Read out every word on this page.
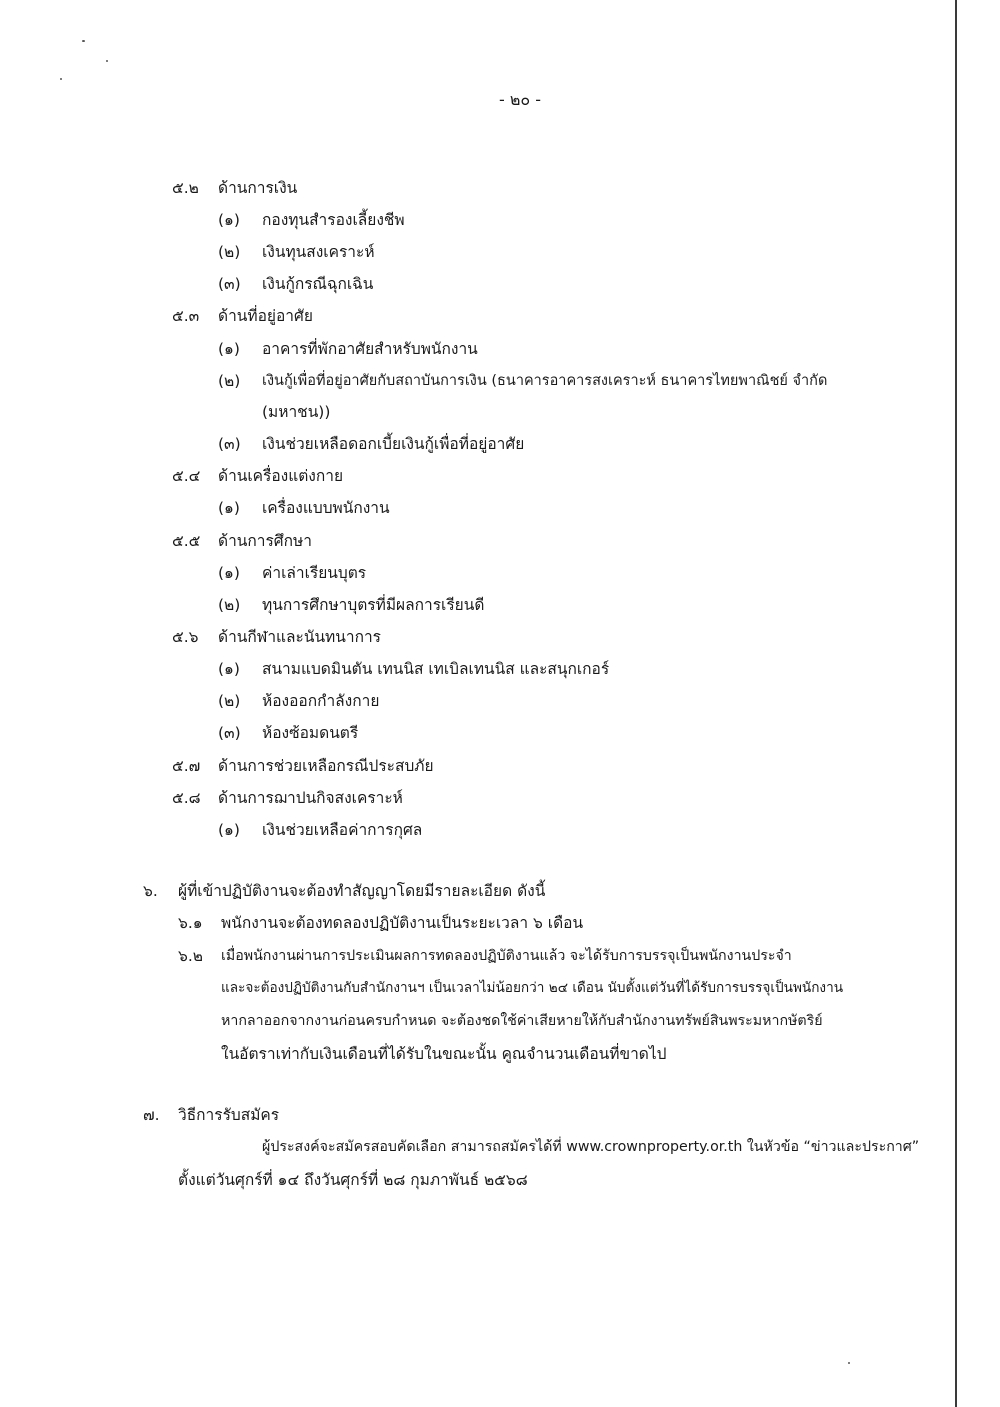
- ๒๐ -
๕.๒ ด้านการเงิน
(๑) กองทุนสำรองเลี้ยงชีพ
(๒) เงินทุนสงเคราะห์
(๓) เงินกู้กรณีฉุกเฉิน
๕.๓ ด้านที่อยู่อาศัย
(๑) อาคารที่พักอาศัยสำหรับพนักงาน
(๒) เงินกู้เพื่อที่อยู่อาศัยกับสถาบันการเงิน (ธนาคารอาคารสงเคราะห์ ธนาคารไทยพาณิชย์ จำกัด
(มหาชน))
(๓) เงินช่วยเหลือดอกเบี้ยเงินกู้เพื่อที่อยู่อาศัย
๕.๔ ด้านเครื่องแต่งกาย
(๑) เครื่องแบบพนักงาน
๕.๕ ด้านการศึกษา
(๑) ค่าเล่าเรียนบุตร
(๒) ทุนการศึกษาบุตรที่มีผลการเรียนดี
๕.๖ ด้านกีฬาและนันทนาการ
(๑) สนามแบดมินตัน เทนนิส เทเบิลเทนนิส และสนุกเกอร์
(๒) ห้องออกกำลังกาย
(๓) ห้องซ้อมดนตรี
๕.๗ ด้านการช่วยเหลือกรณีประสบภัย
๕.๘ ด้านการฌาปนกิจสงเคราะห์
(๑) เงินช่วยเหลือค่าการกุศล
๖. ผู้ที่เข้าปฏิบัติงานจะต้องทำสัญญาโดยมีรายละเอียด ดังนี้
๖.๑ พนักงานจะต้องทดลองปฏิบัติงานเป็นระยะเวลา ๖ เดือน
๖.๒ เมื่อพนักงานผ่านการประเมินผลการทดลองปฏิบัติงานแล้ว จะได้รับการบรรจุเป็นพนักงานประจำ
และจะต้องปฏิบัติงานกับสำนักงานฯ เป็นเวลาไม่น้อยกว่า ๒๔ เดือน นับตั้งแต่วันที่ได้รับการบรรจุเป็นพนักงาน
หากลาออกจากงานก่อนครบกำหนด จะต้องชดใช้ค่าเสียหายให้กับสำนักงานทรัพย์สินพระมหากษัตริย์
ในอัตราเท่ากับเงินเดือนที่ได้รับในขณะนั้น คูณจำนวนเดือนที่ขาดไป
๗. วิธีการรับสมัคร
ผู้ประสงค์จะสมัครสอบคัดเลือก สามารถสมัครได้ที่ www.crownproperty.or.th ในหัวข้อ “ข่าวและประกาศ”
ตั้งแต่วันศุกร์ที่ ๑๔ ถึงวันศุกร์ที่ ๒๘ กุมภาพันธ์ ๒๕๖๘
